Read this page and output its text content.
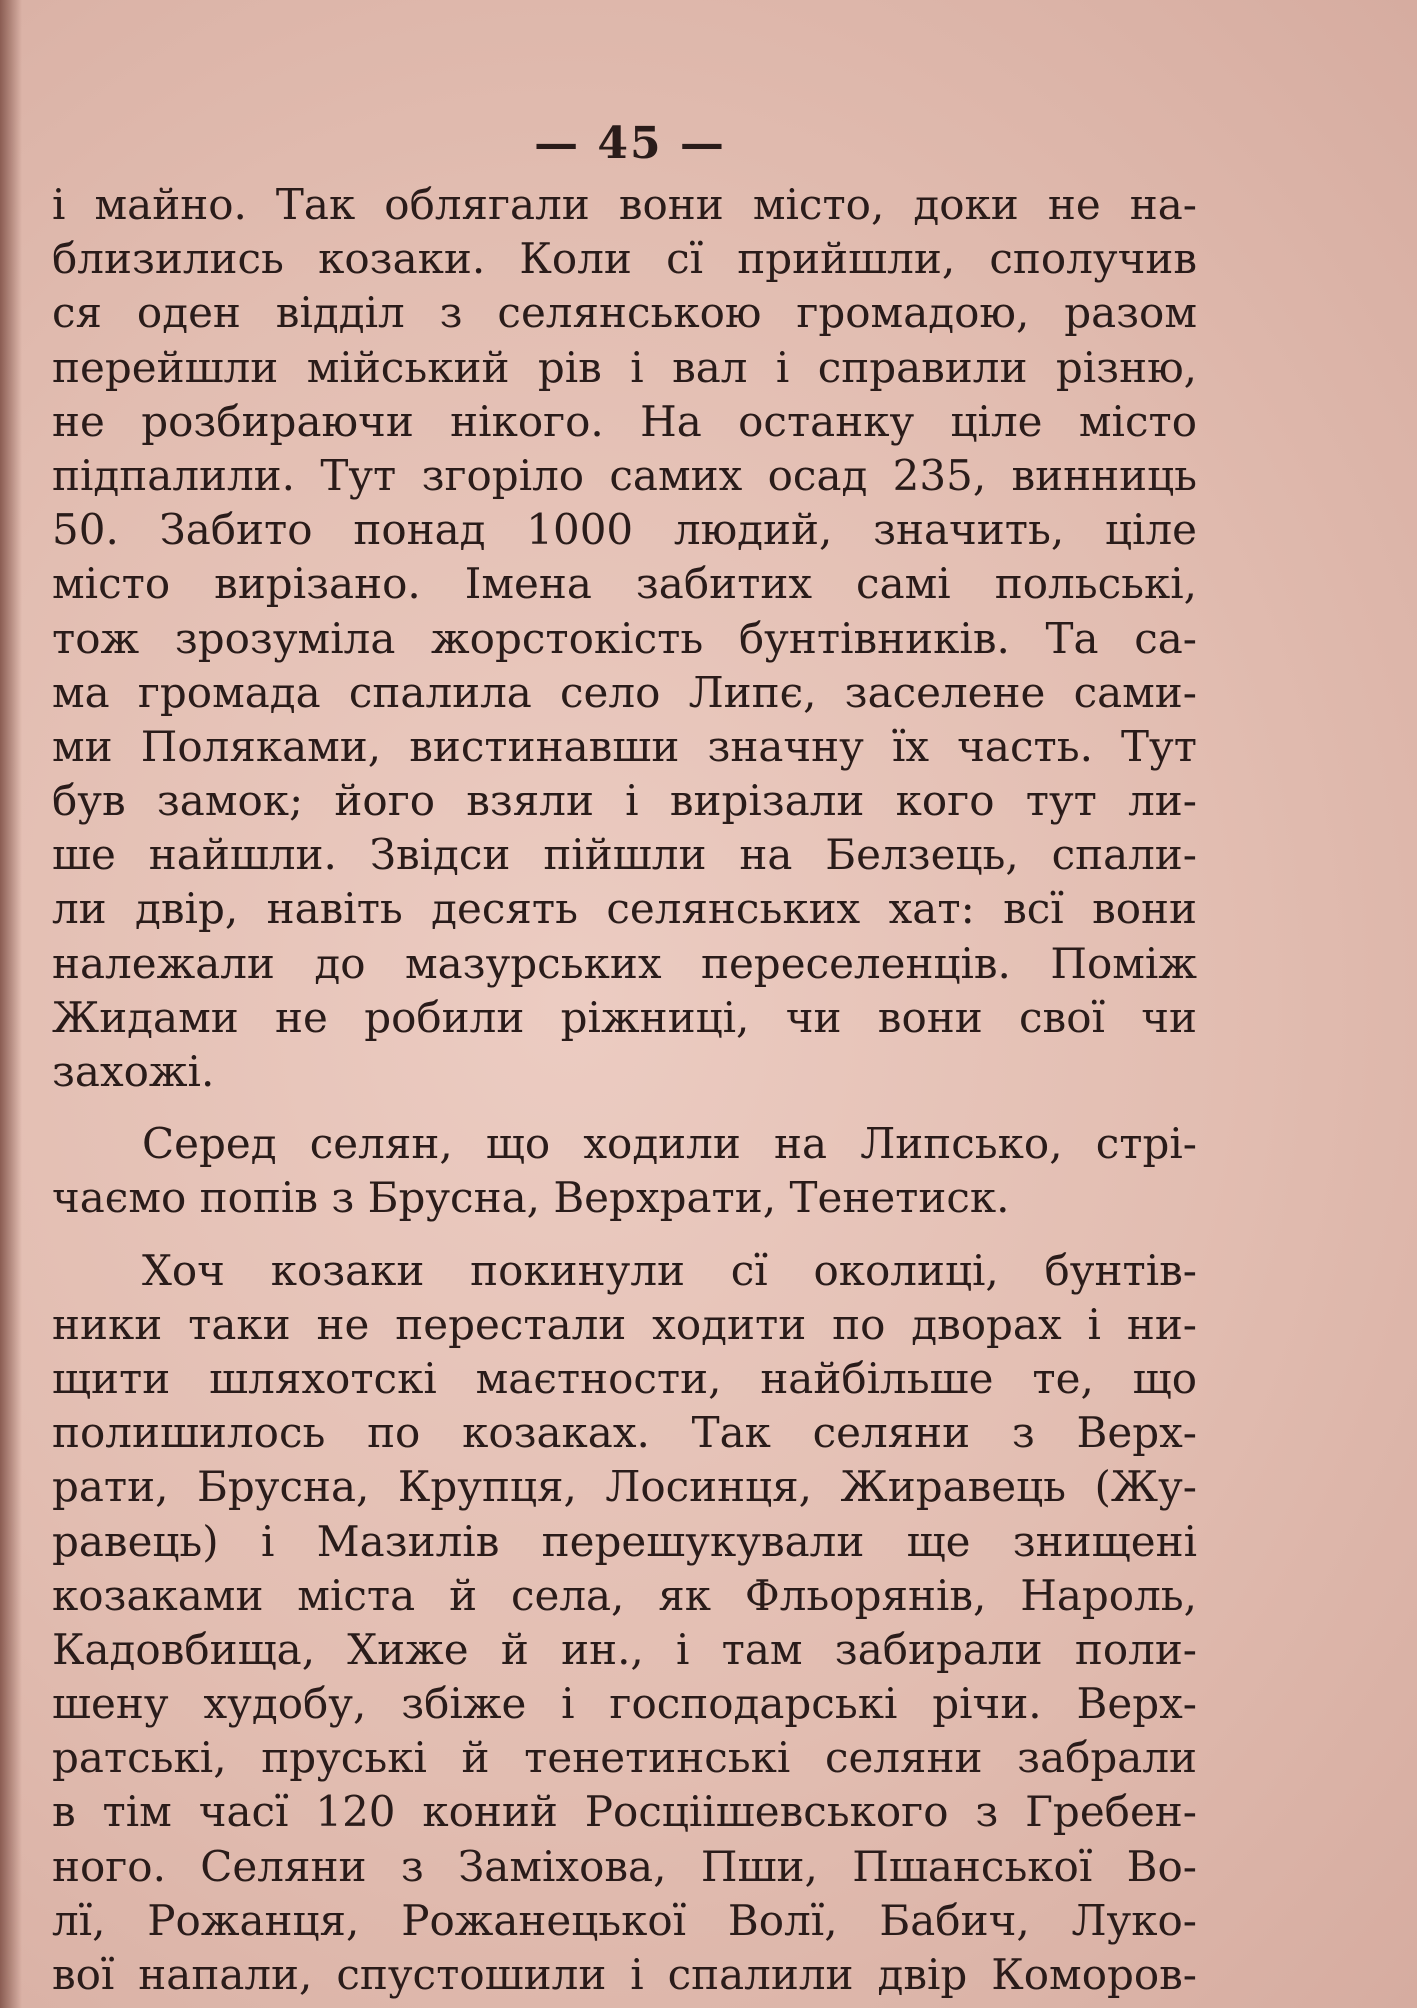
— 45 —
і майно. Так облягали вони місто, доки не на-
близились козаки. Коли сї прийшли, сполучив
ся оден відділ з селянською громадою, разом
перейшли мійський рів і вал і справили різню,
не розбираючи нікого. На останку ціле місто
підпалили. Тут згоріло самих осад 235, винниць
50. Забито понад 1000 людий, значить, ціле
місто вирізано. Імена забитих самі польські,
тож зрозуміла жорстокість бунтівників. Та са-
ма громада спалила село Липє, заселене сами-
ми Поляками, вистинавши значну їх часть. Тут
був замок; його взяли і вирізали кого тут ли-
ше найшли. Звідси пійшли на Белзець, спали-
ли двір, навіть десять селянських хат: всї вони
належали до мазурських переселенців. Поміж
Жидами не робили ріжниці, чи вони свої чи
захожі.
Серед селян, що ходили на Липсько, стрі-
чаємо попів з Брусна, Верхрати, Тенетиск.
Хоч козаки покинули сї околиці, бунтів-
ники таки не перестали ходити по дворах і ни-
щити шляхотскі маєтности, найбільше те, що
полишилось по козаках. Так селяни з Верх-
рати, Брусна, Крупця, Лосинця, Жиравець (Жу-
равець) і Мазилів перешукували ще знищені
козаками міста й села, як Фльорянів, Нароль,
Кадовбища, Хиже й ин., і там забирали поли-
шену худобу, збіже і господарські річи. Верх-
ратські, пруські й тенетинські селяни забрали
в тім часї 120 коний Росціішевського з Гребен-
ного. Селяни з Заміхова, Пши, Пшанської Во-
лї, Рожанця, Рожанецької Волї, Бабич, Луко-
вої напали, спустошили і спалили двір Коморов-
